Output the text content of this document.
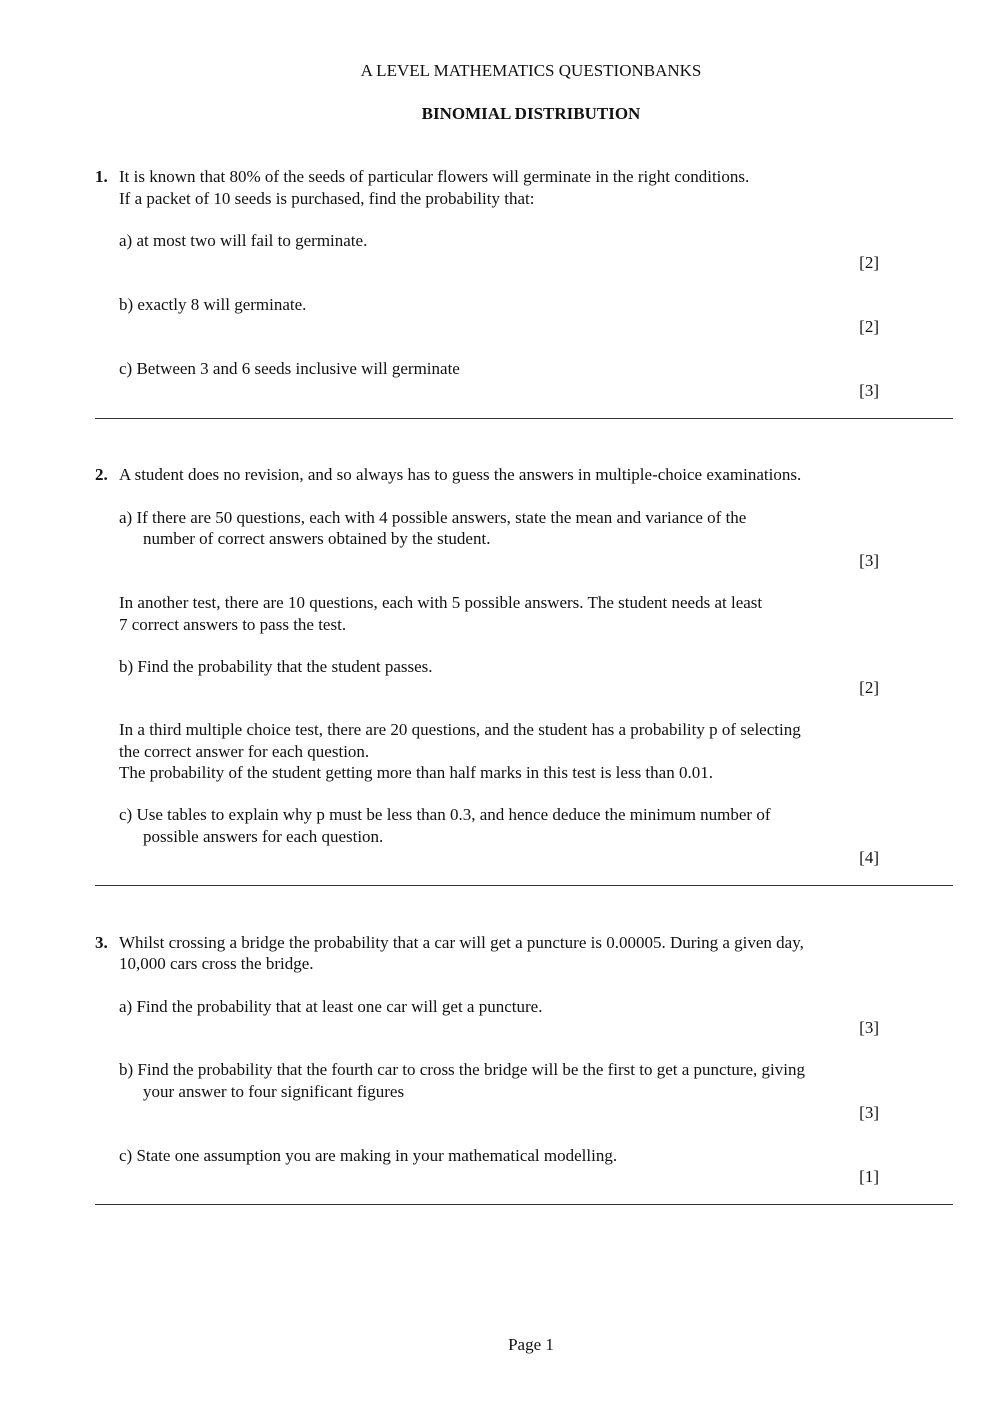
A LEVEL MATHEMATICS QUESTIONBANKS
BINOMIAL DISTRIBUTION
1. It is known that 80% of the seeds of particular flowers will germinate in the right conditions.
If a packet of 10 seeds is purchased, find the probability that:
a) at most two will fail to germinate.
[2]
b) exactly 8 will germinate.
[2]
c) Between 3 and 6 seeds inclusive will germinate
[3]
2. A student does no revision, and so always has to guess the answers in multiple-choice examinations.
a) If there are 50 questions, each with 4 possible answers, state the mean and variance of the
number of correct answers obtained by the student.
[3]
In another test, there are 10 questions, each with 5 possible answers. The student needs at least
7 correct answers to pass the test.
b) Find the probability that the student passes.
[2]
In a third multiple choice test, there are 20 questions, and the student has a probability p of selecting
the correct answer for each question.
The probability of the student getting more than half marks in this test is less than 0.01.
c) Use tables to explain why p must be less than 0.3, and hence deduce the minimum number of
possible answers for each question.
[4]
3. Whilst crossing a bridge the probability that a car will get a puncture is 0.00005. During a given day,
10,000 cars cross the bridge.
a) Find the probability that at least one car will get a puncture.
[3]
b) Find the probability that the fourth car to cross the bridge will be the first to get a puncture, giving
your answer to four significant figures
[3]
c) State one assumption you are making in your mathematical modelling.
[1]
Page 1
